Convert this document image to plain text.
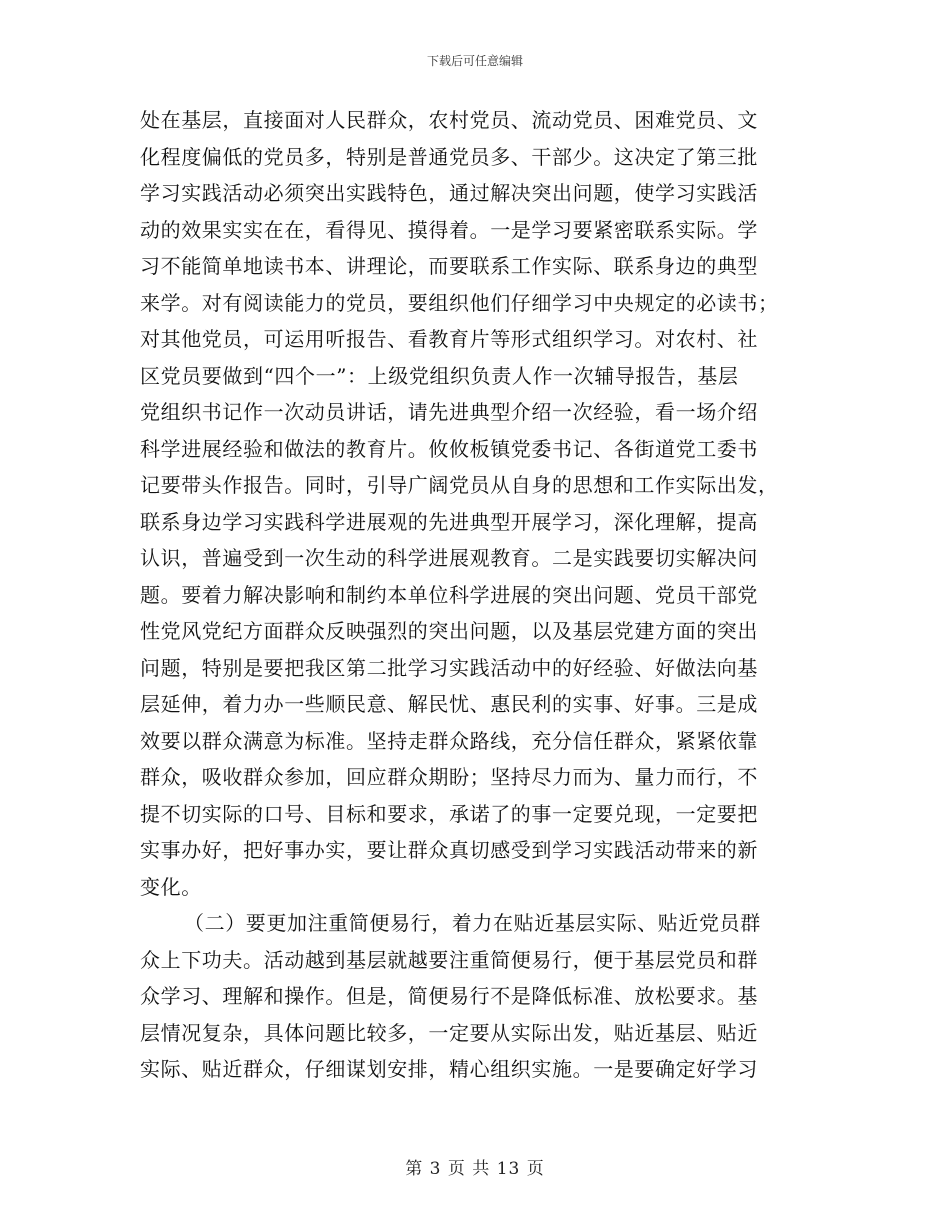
下载后可任意编辑

处在基层，直接面对人民群众，农村党员、流动党员、困难党员、文
化程度偏低的党员多，特别是普通党员多、干部少。这决定了第三批
学习实践活动必须突出实践特色，通过解决突出问题，使学习实践活
动的效果实实在在，看得见、摸得着。一是学习要紧密联系实际。学
习不能简单地读书本、讲理论，而要联系工作实际、联系身边的典型
来学。对有阅读能力的党员，要组织他们仔细学习中央规定的必读书；
对其他党员，可运用听报告、看教育片等形式组织学习。对农村、社
区党员要做到“四个一”：上级党组织负责人作一次辅导报告，基层
党组织书记作一次动员讲话，请先进典型介绍一次经验，看一场介绍
科学进展经验和做法的教育片。攸攸板镇党委书记、各街道党工委书
记要带头作报告。同时，引导广阔党员从自身的思想和工作实际出发，
联系身边学习实践科学进展观的先进典型开展学习，深化理解，提高
认识，普遍受到一次生动的科学进展观教育。二是实践要切实解决问
题。要着力解决影响和制约本单位科学进展的突出问题、党员干部党
性党风党纪方面群众反映强烈的突出问题，以及基层党建方面的突出
问题，特别是要把我区第二批学习实践活动中的好经验、好做法向基
层延伸，着力办一些顺民意、解民忧、惠民利的实事、好事。三是成
效要以群众满意为标准。坚持走群众路线，充分信任群众，紧紧依靠
群众，吸收群众参加，回应群众期盼；坚持尽力而为、量力而行，不
提不切实际的口号、目标和要求，承诺了的事一定要兑现，一定要把
实事办好，把好事办实，要让群众真切感受到学习实践活动带来的新
变化。

（二）要更加注重简便易行，着力在贴近基层实际、贴近党员群
众上下功夫。活动越到基层就越要注重简便易行，便于基层党员和群
众学习、理解和操作。但是，简便易行不是降低标准、放松要求。基
层情况复杂，具体问题比较多，一定要从实际出发，贴近基层、贴近
实际、贴近群众，仔细谋划安排，精心组织实施。一是要确定好学习

第 3 页 共 13 页
